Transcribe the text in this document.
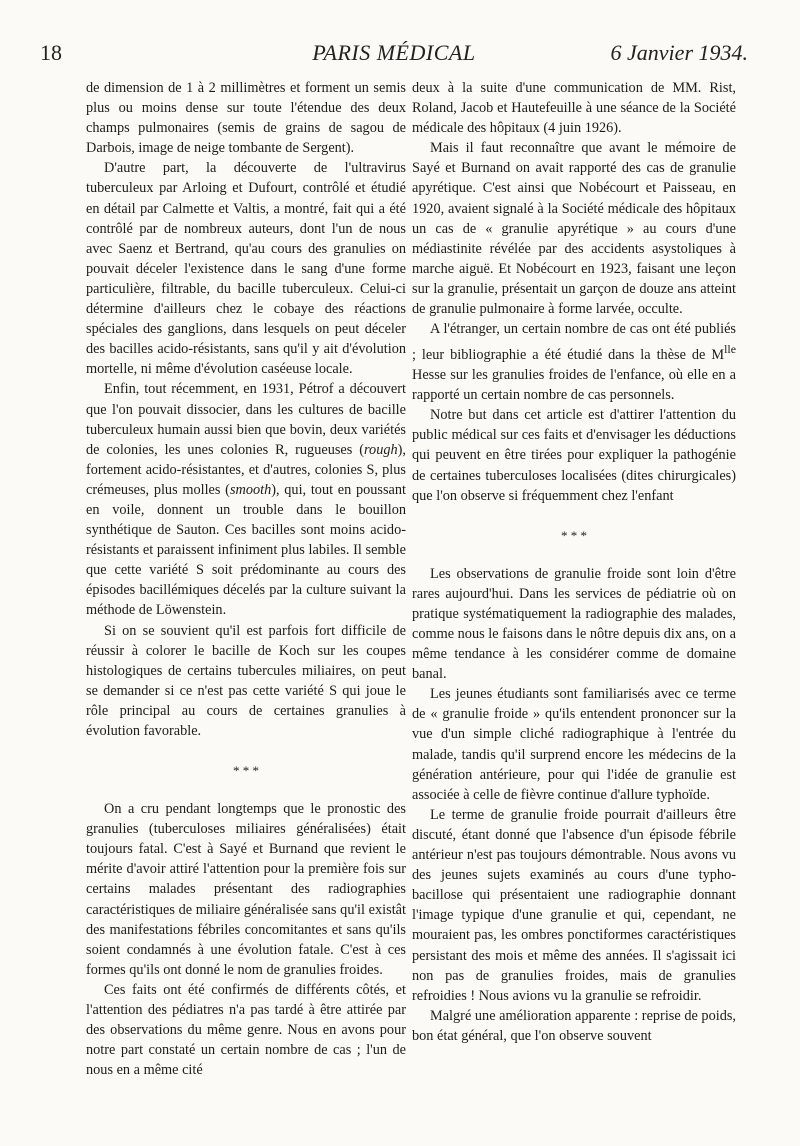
18	PARIS MÉDICAL	6 Janvier 1934.

de dimension de 1 à 2 millimètres et forment un semis plus ou moins dense sur toute l'étendue des deux champs pulmonaires (semis de grains de sagou de Darbois, image de neige tombante de Sergent).

D'autre part, la découverte de l'ultravirus tuberculeux par Arloing et Dufourt, contrôlé et étudié en détail par Calmette et Valtis, a montré, fait qui a été contrôlé par de nombreux auteurs, dont l'un de nous avec Saenz et Bertrand, qu'au cours des granulies on pouvait déceler l'existence dans le sang d'une forme particulière, filtrable, du bacille tuberculeux. Celui-ci détermine d'ailleurs chez le cobaye des réactions spéciales des ganglions, dans lesquels on peut déceler des bacilles acido-résistants, sans qu'il y ait d'évolution mortelle, ni même d'évolution caséeuse locale.

Enfin, tout récemment, en 1931, Pétrof a découvert que l'on pouvait dissocier, dans les cultures de bacille tuberculeux humain aussi bien que bovin, deux variétés de colonies, les unes colonies R, rugueuses (rough), fortement acido-résistantes, et d'autres, colonies S, plus crémeuses, plus molles (smooth), qui, tout en poussant en voile, donnent un trouble dans le bouillon synthétique de Sauton. Ces bacilles sont moins acido-résistants et paraissent infiniment plus labiles. Il semble que cette variété S soit prédominante au cours des épisodes bacillémiques décelés par la culture suivant la méthode de Löwenstein.

Si on se souvient qu'il est parfois fort difficile de réussir à colorer le bacille de Koch sur les coupes histologiques de certains tubercules miliaires, on peut se demander si ce n'est pas cette variété S qui joue le rôle principal au cours de certaines granulies à évolution favorable.

* * *

On a cru pendant longtemps que le pronostic des granulies (tuberculoses miliaires généralisées) était toujours fatal. C'est à Sayé et Burnand que revient le mérite d'avoir attiré l'attention pour la première fois sur certains malades présentant des radiographies caractéristiques de miliaire généralisée sans qu'il existât des manifestations fébriles concomitantes et sans qu'ils soient condamnés à une évolution fatale. C'est à ces formes qu'ils ont donné le nom de granulies froides.

Ces faits ont été confirmés de différents côtés, et l'attention des pédiatres n'a pas tardé à être attirée par des observations du même genre. Nous en avons pour notre part constaté un certain nombre de cas ; l'un de nous en a même cité

deux à la suite d'une communication de MM. Rist, Roland, Jacob et Hautefeuille à une séance de la Société médicale des hôpitaux (4 juin 1926).

Mais il faut reconnaître que avant le mémoire de Sayé et Burnand on avait rapporté des cas de granulie apyrétique. C'est ainsi que Nobécourt et Paisseau, en 1920, avaient signalé à la Société médicale des hôpitaux un cas de « granulie apyrétique » au cours d'une médiastinite révélée par des accidents asystoliques à marche aiguë. Et Nobécourt en 1923, faisant une leçon sur la granulie, présentait un garçon de douze ans atteint de granulie pulmonaire à forme larvée, occulte.

A l'étranger, un certain nombre de cas ont été publiés ; leur bibliographie a été étudié dans la thèse de $M^{lle}$ Hesse sur les granulies froides de l'enfance, où elle en a rapporté un certain nombre de cas personnels.

Notre but dans cet article est d'attirer l'attention du public médical sur ces faits et d'envisager les déductions qui peuvent en être tirées pour expliquer la pathogénie de certaines tuberculoses localisées (dites chirurgicales) que l'on observe si fréquemment chez l'enfant

* * *

Les observations de granulie froide sont loin d'être rares aujourd'hui. Dans les services de pédiatrie où on pratique systématiquement la radiographie des malades, comme nous le faisons dans le nôtre depuis dix ans, on a même tendance à les considérer comme de domaine banal.

Les jeunes étudiants sont familiarisés avec ce terme de « granulie froide » qu'ils entendent prononcer sur la vue d'un simple cliché radiographique à l'entrée du malade, tandis qu'il surprend encore les médecins de la génération antérieure, pour qui l'idée de granulie est associée à celle de fièvre continue d'allure typhoïde.

Le terme de granulie froide pourrait d'ailleurs être discuté, étant donné que l'absence d'un épisode fébrile antérieur n'est pas toujours démontrable. Nous avons vu des jeunes sujets examinés au cours d'une typho-bacillose qui présentaient une radiographie donnant l'image typique d'une granulie et qui, cependant, ne mouraient pas, les ombres ponctiformes caractéristiques persistant des mois et même des années. Il s'agissait ici non pas de granulies froides, mais de granulies refroidies ! Nous avions vu la granulie se refroidir.

Malgré une amélioration apparente : reprise de poids, bon état général, que l'on observe souvent
